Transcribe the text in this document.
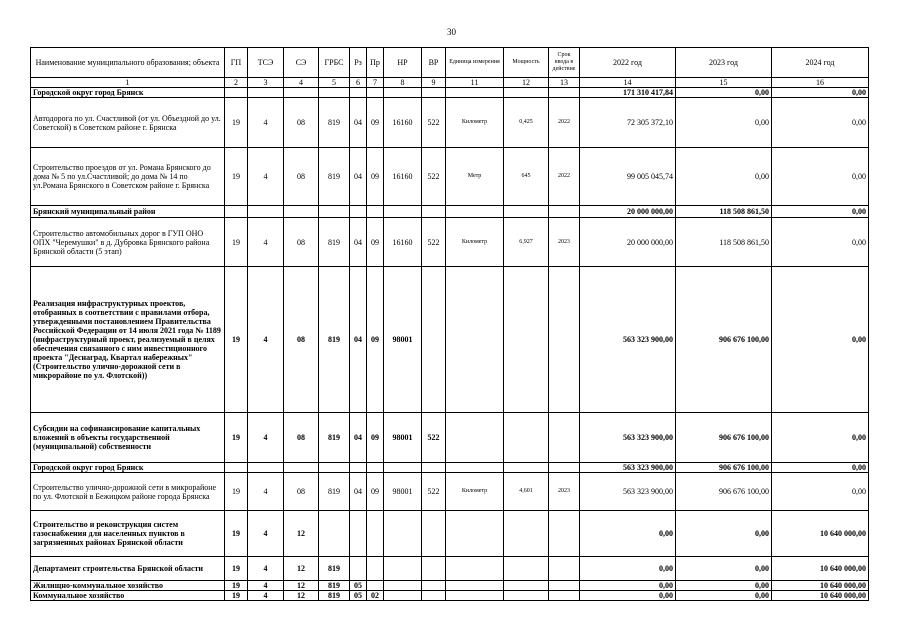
30
Наименование муниципального образования; объекта	ГП	ТСЭ	СЭ	ГРБС	Рз	Пр	НР	ВР	Единица измерения	Мощность	Срок ввода в действие	2022 год	2023 год	2024 год
1	2	3	4	5	6	7	8	9	11	12	13	14	15	16
Городской округ город Брянск												171 310 417,84	0,00	0,00
Автодорога по ул. Счастливой (от ул. Объездной до ул. Советской) в Советском районе г. Брянска	19	4	08	819	04	09	16160	522	Километр	0,425	2022	72 305 372,10	0,00	0,00
Строительство проездов от ул. Романа Брянского до дома № 5 по ул.Счастливой; до дома № 14 по ул.Романа Брянского в Советском районе г. Брянска	19	4	08	819	04	09	16160	522	Метр	645	2022	99 005 045,74	0,00	0,00
Брянский муниципальный район												20 000 000,00	118 508 861,50	0,00
Строительство автомобильных дорог в ГУП ОНО ОПХ "Черемушки" в д. Дубровка Брянского района Брянской области (5 этап)	19	4	08	819	04	09	16160	522	Километр	6,927	2023	20 000 000,00	118 508 861,50	0,00
Реализация инфраструктурных проектов, отобранных в соответствии с правилами отбора, утвержденными постановлением Правительства Российской Федерации от 14 июля 2021 года № 1189 (инфраструктурный проект, реализуемый в целях обеспечения связанного с ним инвестиционного проекта "Деснаград, Квартал набережных" (Строительство улично-дорожной сети в микрорайоне по ул. Флотской))	19	4	08	819	04	09	98001					563 323 900,00	906 676 100,00	0,00
Субсидии на софинансирование капитальных вложений в объекты государственной (муниципальной) собственности	19	4	08	819	04	09	98001	522				563 323 900,00	906 676 100,00	0,00
Городской округ город Брянск												563 323 900,00	906 676 100,00	0,00
Строительство улично-дорожной сети в микрорайоне по ул. Флотской в Бежицком районе города Брянска	19	4	08	819	04	09	98001	522	Километр	4,601	2023	563 323 900,00	906 676 100,00	0,00
Строительство и реконструкция систем газоснабжения для населенных пунктов в загрязненных районах Брянской области	19	4	12									0,00	0,00	10 640 000,00
Департамент строительства Брянской области	19	4	12	819								0,00	0,00	10 640 000,00
Жилищно-коммунальное хозяйство	19	4	12	819	05							0,00	0,00	10 640 000,00
Коммунальное хозяйство	19	4	12	819	05	02						0,00	0,00	10 640 000,00
